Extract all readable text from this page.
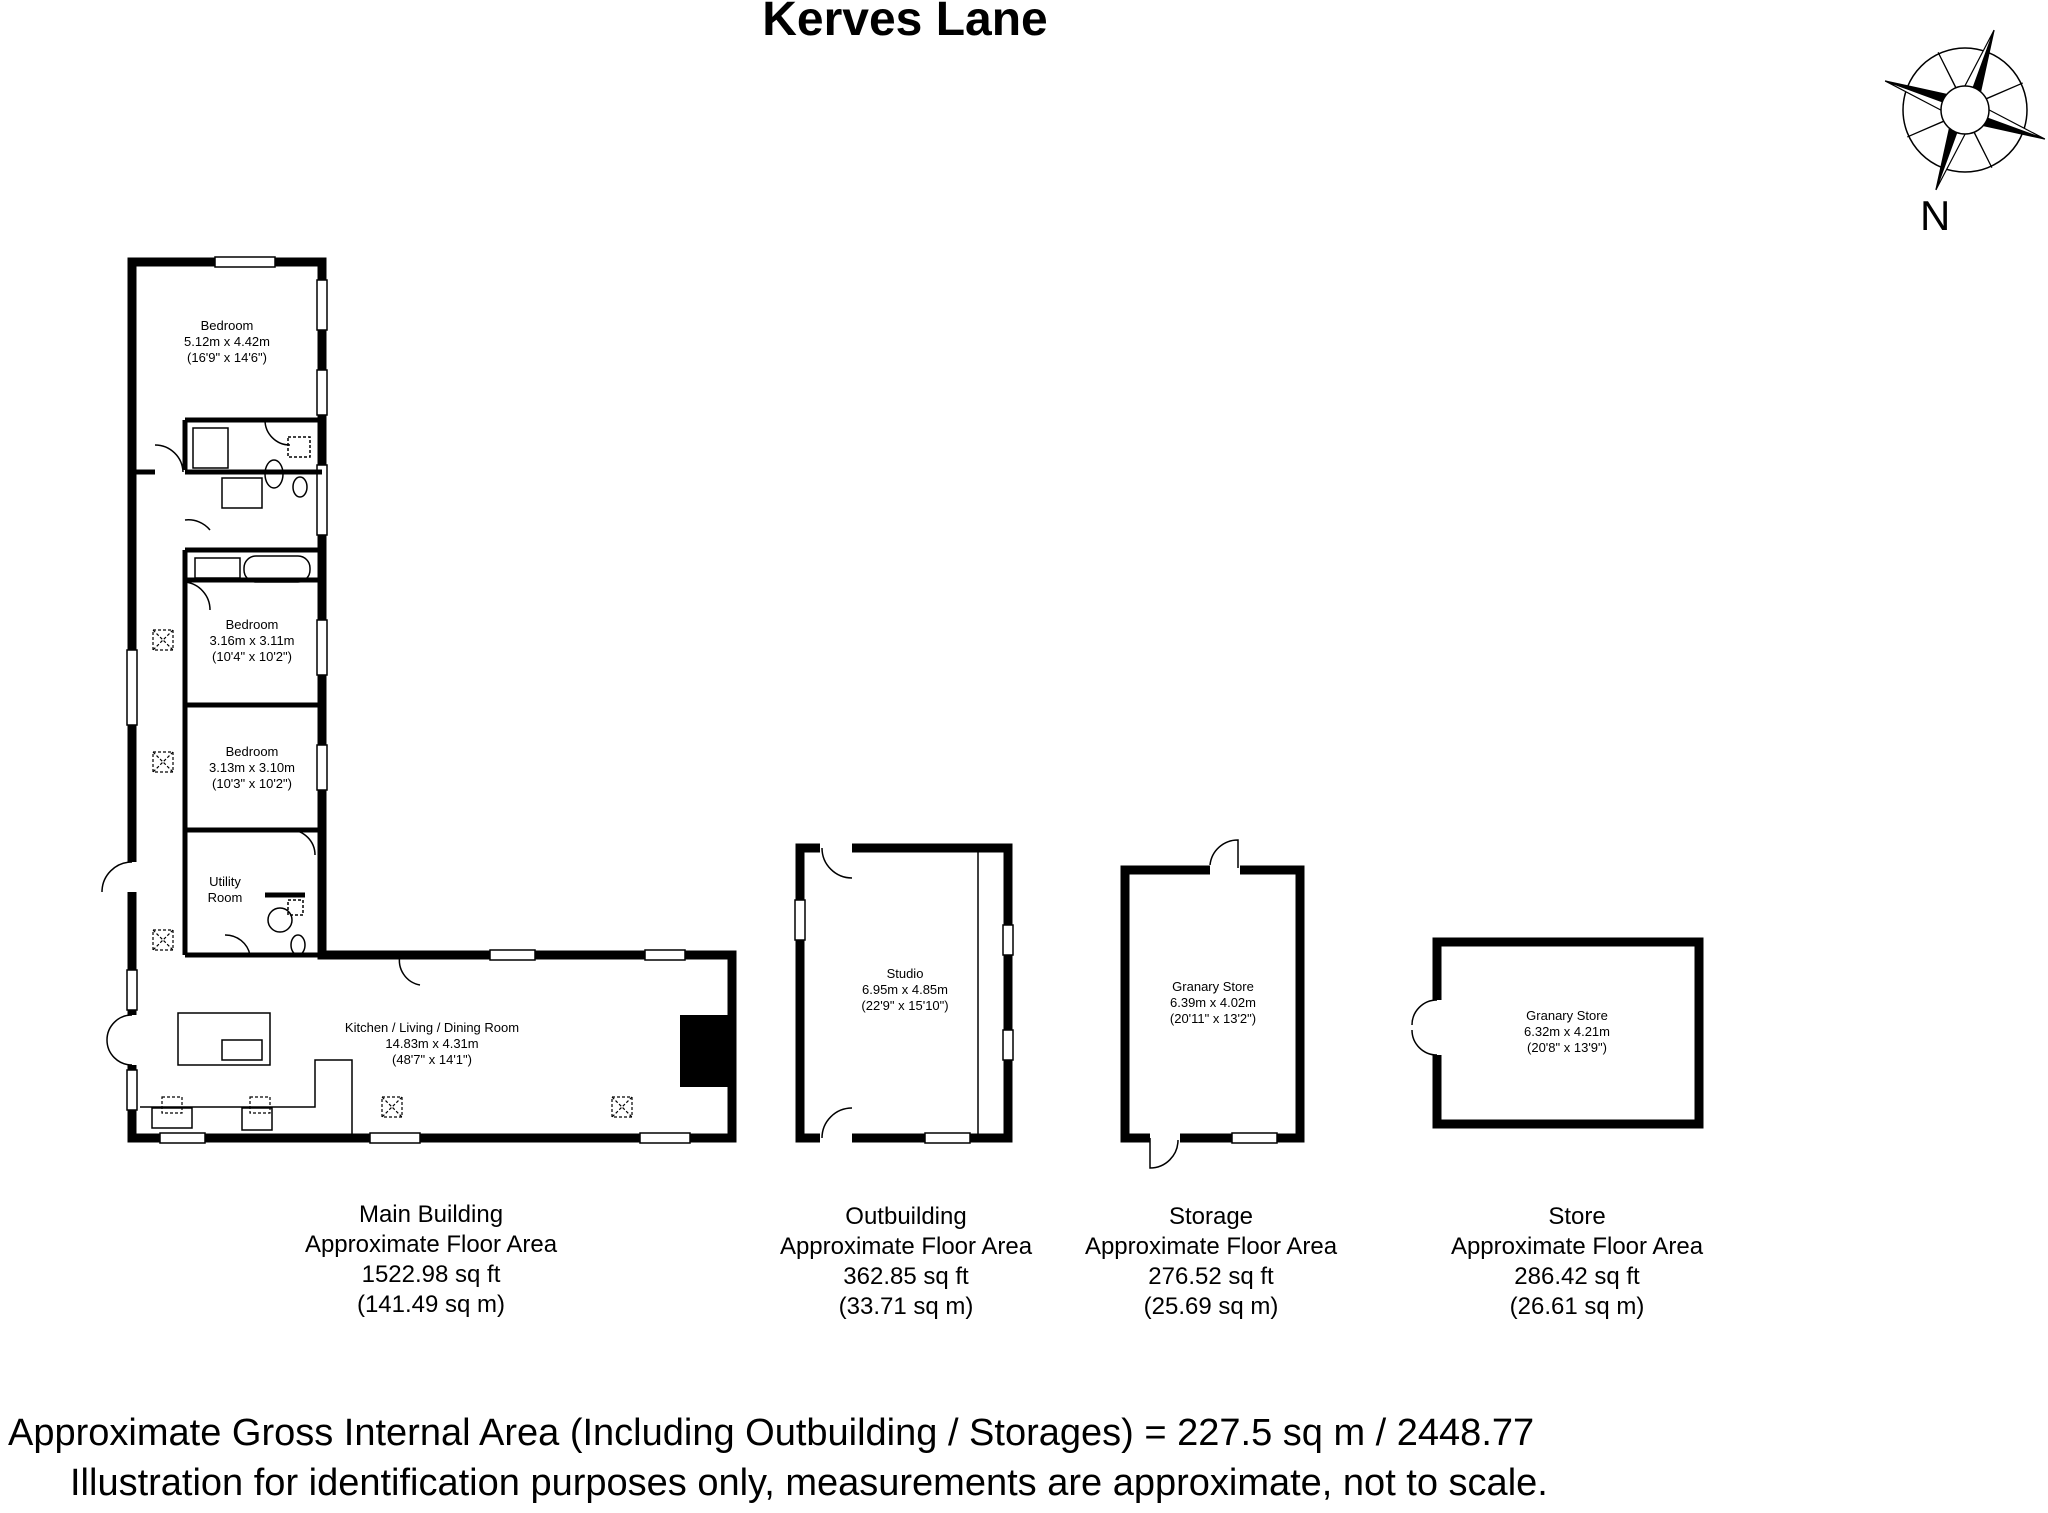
Kerves Lane
N
Bedroom
5.12m x 4.42m
(16'9" x 14'6")
Bedroom
3.16m x 3.11m
(10'4" x 10'2")
Bedroom
3.13m x 3.10m
(10'3" x 10'2")
Utility
Room
Kitchen / Living / Dining Room
14.83m x 4.31m
(48'7" x 14'1")
Studio
6.95m x 4.85m
(22'9" x 15'10")
Granary Store
6.39m x 4.02m
(20'11" x 13'2")	Granary Store
6.32m x 4.21m
(20'8" x 13'9")
Main Building
Approximate Floor Area
1522.98 sq ft
(141.49 sq m)
Outbuilding
Approximate Floor Area
362.85 sq ft
(33.71 sq m)
Storage
Approximate Floor Area
276.52 sq ft
(25.69 sq m)
Store
Approximate Floor Area
286.42 sq ft
(26.61 sq m)
Approximate Gross Internal Area (Including Outbuilding / Storages) = 227.5 sq m / 2448.77
Illustration for identification purposes only, measurements are approximate, not to scale.
